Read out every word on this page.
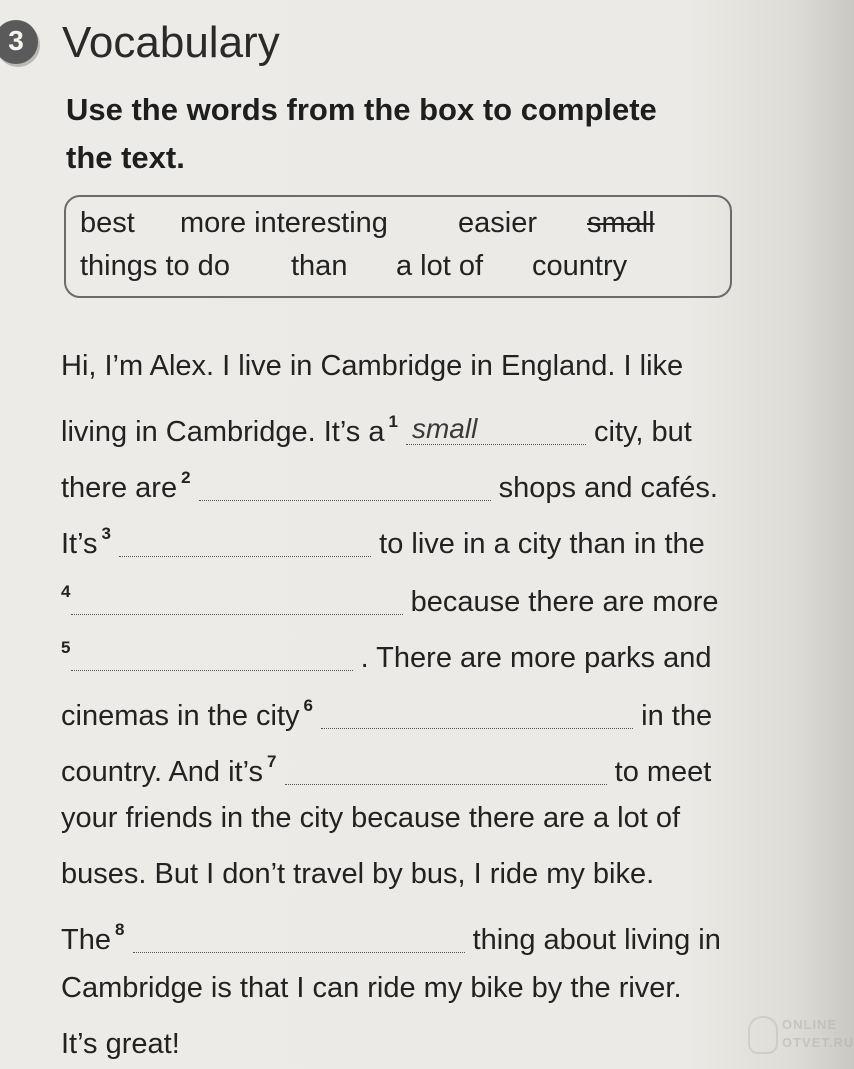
3 Vocabulary
Use the words from the box to complete
the text.
best more interesting easier small
things to do than a lot of country
Hi, I’m Alex. I live in Cambridge in England. I like
living in Cambridge. It’s a $^1$ small	city, but
there are $^2$	shops and cafés.
It’s $^3$	to live in a city than in the
$^4$	because there are more
$^5$	. There are more parks and
cinemas in the city $^6$	in the
country. And it’s $^7$	to meet
your friends in the city because there are a lot of
buses. But I don’t travel by bus, I ride my bike.
The $^8$	thing about living in
Cambridge is that I can ride my bike by the river.
It’s great!
ONLINE
OTVET.RU
